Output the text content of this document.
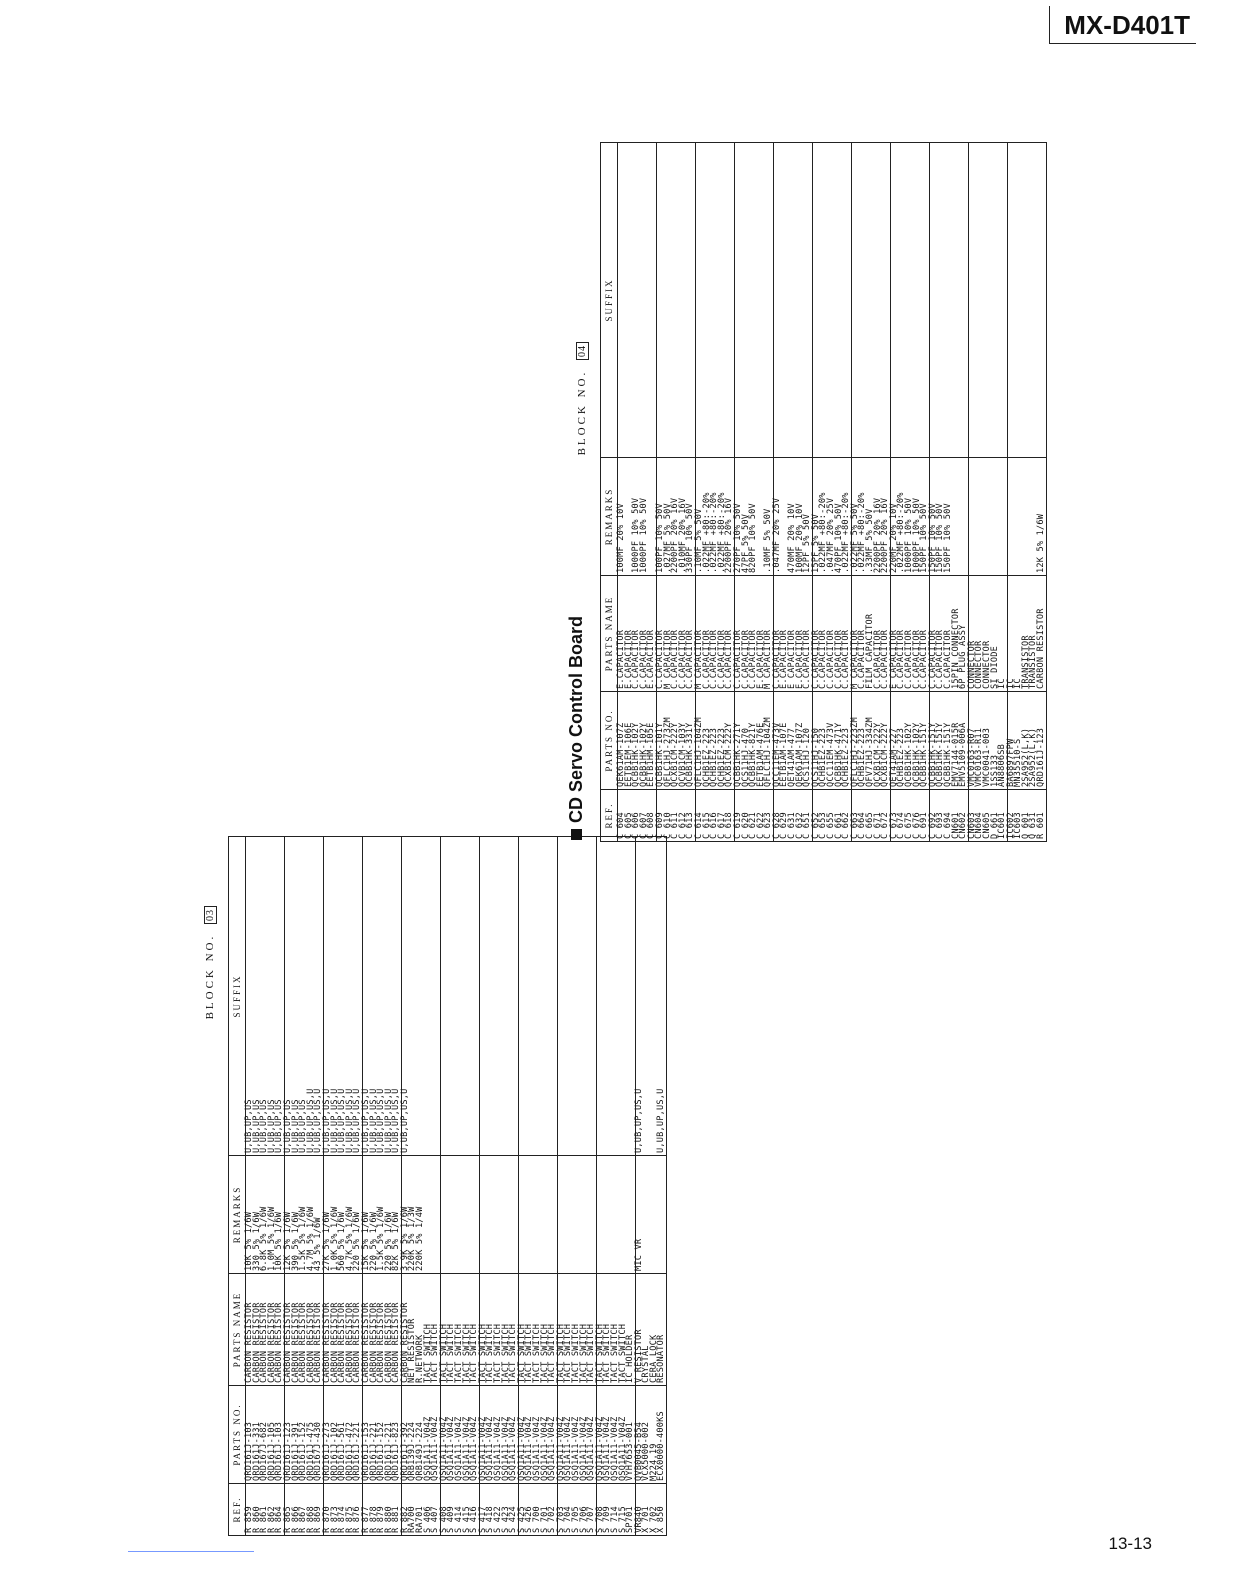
MX-D401T
BLOCK NO. 03
REF.	PARTS NO.	PARTS NAME	REMARKS	SUFFIX
R 859	QRD161J-103	CARBON RESISTOR	10K 5% 1/6W	U,UB,UP,US
R 860	QRD161J-331	CARBON RESISTOR	330 5% 1/6W	U,UB,UP,US
R 861	QRD167J-682	CARBON RESISTOR	6.8K 5% 1/6W	U,UB,UP,US
R 862	QRD161J-105	CARBON RESISTOR	1.0M 5% 1/6W	U,UB,UP,US
R 864	QRD161J-103	CARBON RESISTOR	10K 5% 1/6W	U,UB,UP,US
R 865	QRD161J-123	CARBON RESISTOR	12K 5% 1/6W	U,UB,UP,US
R 866	QRD161J-391	CARBON RESISTOR	390 5% 1/6W	U,UB,UP,US
R 867	QRD161J-152	CARBON RESISTOR	1.5K 5% 1/6W	U,UB,UP,US
R 868	QRD161J-475	CARBON RESISTOR	4.7M 5% 1/6W	U,UB,UP,US,U
R 869	QRD167J-430	CARBON RESISTOR	43 5% 1/6W	U,UB,UP,US,U
R 870	QRD161J-273	CARBON RESISTOR	27K 5% 1/6W	U,UB,UP,US,U
R 873	QRD161J-102	CARBON RESISTOR	1.0K 5% 1/6W	U,UB,UP,US,U
R 874	QRD161J-561	CARBON RESISTOR	560 5% 1/6W	U,UB,UP,US,U
R 875	QRD161J-472	CARBON RESISTOR	4.7K 5% 1/6W	U,UB,UP,US,U
R 876	QRD161J-221	CARBON RESISTOR	220 5% 1/6W	U,UB,UP,US,U
R 877	QRD161J-153	CARBON RESISTOR	15K 5% 1/6W	U,UB,UP,US,U
R 878	QRD161J-221	CARBON RESISTOR	220 5% 1/6W	U,UB,UP,US,U
R 879	QRD161J-152	CARBON RESISTOR	1.5K 5% 1/6W	U,UB,UP,US,U
R 880	QRD161J-221	CARBON RESISTOR	220 5% 1/6W	U,UB,UP,US,U
R 881	QRD161J-823	CARBON RESISTOR	82K 5% 1/6W	U,UB,UP,US,U
R 882	QRD161J-392	CARBON RESISTOR	3.9K 5% 1/6W	U,UB,UP,US,U
RA700	QRB139J-224	NET RESISTOR	220K 5% 1/3W	
RA701	QRB149J-224	R.NETWORK	220K 5% 1/4W	
S 406	QSQ1A11-V04Z	TACT SWITCH		
S 407	QSQ1A11-V04Z	TACT SWITCH		
S 408	QSQ1A11-V04Z	TACT SWITCH		
S 409	QSQ1A11-V04Z	TACT SWITCH		
S 414	QSQ1A11-V04Z	TACT SWITCH		
S 415	QSQ1A11-V04Z	TACT SWITCH		
S 416	QSQ1A11-V04Z	TACT SWITCH		
S 417	QSQ1A11-V04Z	TACT SWITCH		
S 418	QSQ1A11-V04Z	TACT SWITCH		
S 422	QSQ1A11-V04Z	TACT SWITCH		
S 423	QSQ1A11-V04Z	TACT SWITCH		
S 424	QSQ1A11-V04Z	TACT SWITCH		
S 425	QSQ1A11-V04Z	TACT SWITCH		
S 426	QSQ1A11-V04Z	TACT SWITCH		
S 700	QSQ1A11-V04Z	TACT SWITCH		
S 701	QSQ1A11-V04Z	TACT SWITCH		
S 702	QSQ1A11-V04Z	TACT SWITCH		
S 703	QSQ1A11-V04Z	TACT SWITCH		
S 704	QSQ1A11-V04Z	TACT SWITCH		
S 705	QSQ1A11-V04Z	TACT SWITCH		
S 706	QSQ1A11-V04Z	TACT SWITCH		
S 707	QSQ1A11-V04Z	TACT SWITCH		
S 708	QSQ1A11-V04Z	TACT SWITCH		
S 709	QSQ1A11-V04Z	TACT SWITCH		
S 714	QSQ1A11-V04Z	TACT SWITCH		
S 715	QSQ1A11-V04Z	TACT SWITCH		
SP701	VYH7653-001	IC HOLDER		
VR840	QVB0045-B54	V RESISTOR	MIC VR	U,UB,UP,US,U
X 701	VCX5000-002	CRYSTAL		
X 702	M224.19	CERA LOCK		
X 850	ECX0000-400KS	RESONATOR		U,UB,UP,US,U
CD Servo Control Board
BLOCK NO. 04
REF.	PARTS NO.	PARTS NAME	REMARKS	SUFFIX
C 604	QEK61AM-107Z	E.CAPACITOR	100MF 20% 10V	
C 605	EETB1EM-106E	E.CAPACITOR		
C 606	QCBB1HK-102Y	C.CAPACITOR	1000PF 10% 50V	
C 607	QCBB1HK-102Y	C.CAPACITOR	1000PF 10% 50V	
C 608	EETB1HM-105E	E.CAPACITOR		
C 609	QCBB1HK-101Y	C.CAPACITOR	100PF 10% 50V	
C 610	QFLC1HJ-273ZM	M CAPACITOR	.027MF 5% 50V	
C 611	QCXB1CM-222Y	C.CAPACITOR	2200PF 20% 16V	
C 612	QCVB1CM-103Y	C.CAPACITOR	.010MF 20% 16V	
C 613	QCBB1HK-331Y	C.CAPACITOR	330PF 10% 50V	
C 614	QFLC1HJ-104ZM	M CAPACITOR	.10MF 5% 50V	
C 615	QCHB1EZ-223	C.CAPACITOR	.022MF +80:-20%	
C 616	QCHB1EZ-223	C.CAPACITOR	.022MF +80:-20%	
C 617	QCHB1EZ-223	C.CAPACITOR	.022MF +80:-20%	
C 618	QCXB1CM-222Y	C.CAPACITOR	2200PF 20% 16V	
C 619	QCBB1HK-271Y	C.CAPACITOR	270PF 10% 50V	
C 620	QCS11HJ-470	C.CAPACITOR	47PF 5% 50V	
C 621	QCBB1HK-821Y	C.CAPACITOR	820PF 10% 50V	
C 622	EETB1AM-476E	E.CAPACITOR		
C 623	QFLC1HJ-104ZM	M CAPACITOR	.10MF 5% 50V	
C 628	QCC11EM-473V	C.CAPACITOR	.047MF 20% 25V	
C 629	EETB1AM-107E	E.CAPACITOR		
C 631	QET41AM-477	E CAPACITOR	470MF 20% 10V	
C 632	QEK61AM-107Z	E.CAPACITOR	100MF 20% 10V	
C 651	QCS11HJ-120	C.CAPACITOR	12PF 5% 50V	
C 652	QCS11HJ-150	C.CAPACITOR	15PF 5% 50V	
C 653	QCHB1EZ-223	C.CAPACITOR	.022MF +80:-20%	
C 655	QCC11EM-473V	C.CAPACITOR	.047MF 20% 25V	
C 661	QCBB1HK-471Y	C.CAPACITOR	470PF 10% 50V	
C 662	QCHB1EZ-223	C.CAPACITOR	.022MF +80:-20%	
C 663	QFLC1HJ-223ZM	M CAPACITOR	.022MF 5% 50V	
C 664	QCHB1EZ-223	C.CAPACITOR	.022MF +80:-20%	
C 665	QFV71HJ-334ZM	FILM CAPACITOR	.33MF 5% 50V	
C 671	QCXB1CM-222Y	C.CAPACITOR	2200PF 20% 16V	
C 672	QCXB1CM-222Y	C.CAPACITOR	2200PF 20% 16V	
C 673	QET41AM-227	E CAPACITOR	220MF 20% 10V	
C 674	QCHB1EZ-223	C.CAPACITOR	.022MF +80:-20%	
C 675	QCBB1HK-102Y	C.CAPACITOR	1000PF 10% 50V	
C 676	QCBB1HK-102Y	C.CAPACITOR	1000PF 10% 50V	
C 691	QCBB1HK-151Y	C.CAPACITOR	150PF 10% 50V	
C 692	QCBB1HK-151Y	C.CAPACITOR	150PF 10% 50V	
C 693	QCBB1HK-151Y	C.CAPACITOR	150PF 10% 50V	
C 694	QCBB1HK-151Y	C.CAPACITOR	150PF 10% 50V	
CN601	EMV7144-015R	15PIN CONNECTOR		
CN602	EMV5109-006A	6P PLUG ASSY		
CN603	VMC0163-R07	CONNECTOR		
CN604	VMC0163-R11	CONNECTOR		
CN605	VMC0041-003	CONNECTOR		
D 661	1SS133	SI DIODE		
IC601	AN8806SB	IC		
IC602	BA6897FPW	IC		
IC603	MN35510-S	IC		
Q 601	2SA952(L,K)	TRANSISTOR		
Q 631	2SA952(L,K)	TRANSISTOR		
R 601	QRD161J-123	CARBON RESISTOR	12K 5% 1/6W	
13-13
